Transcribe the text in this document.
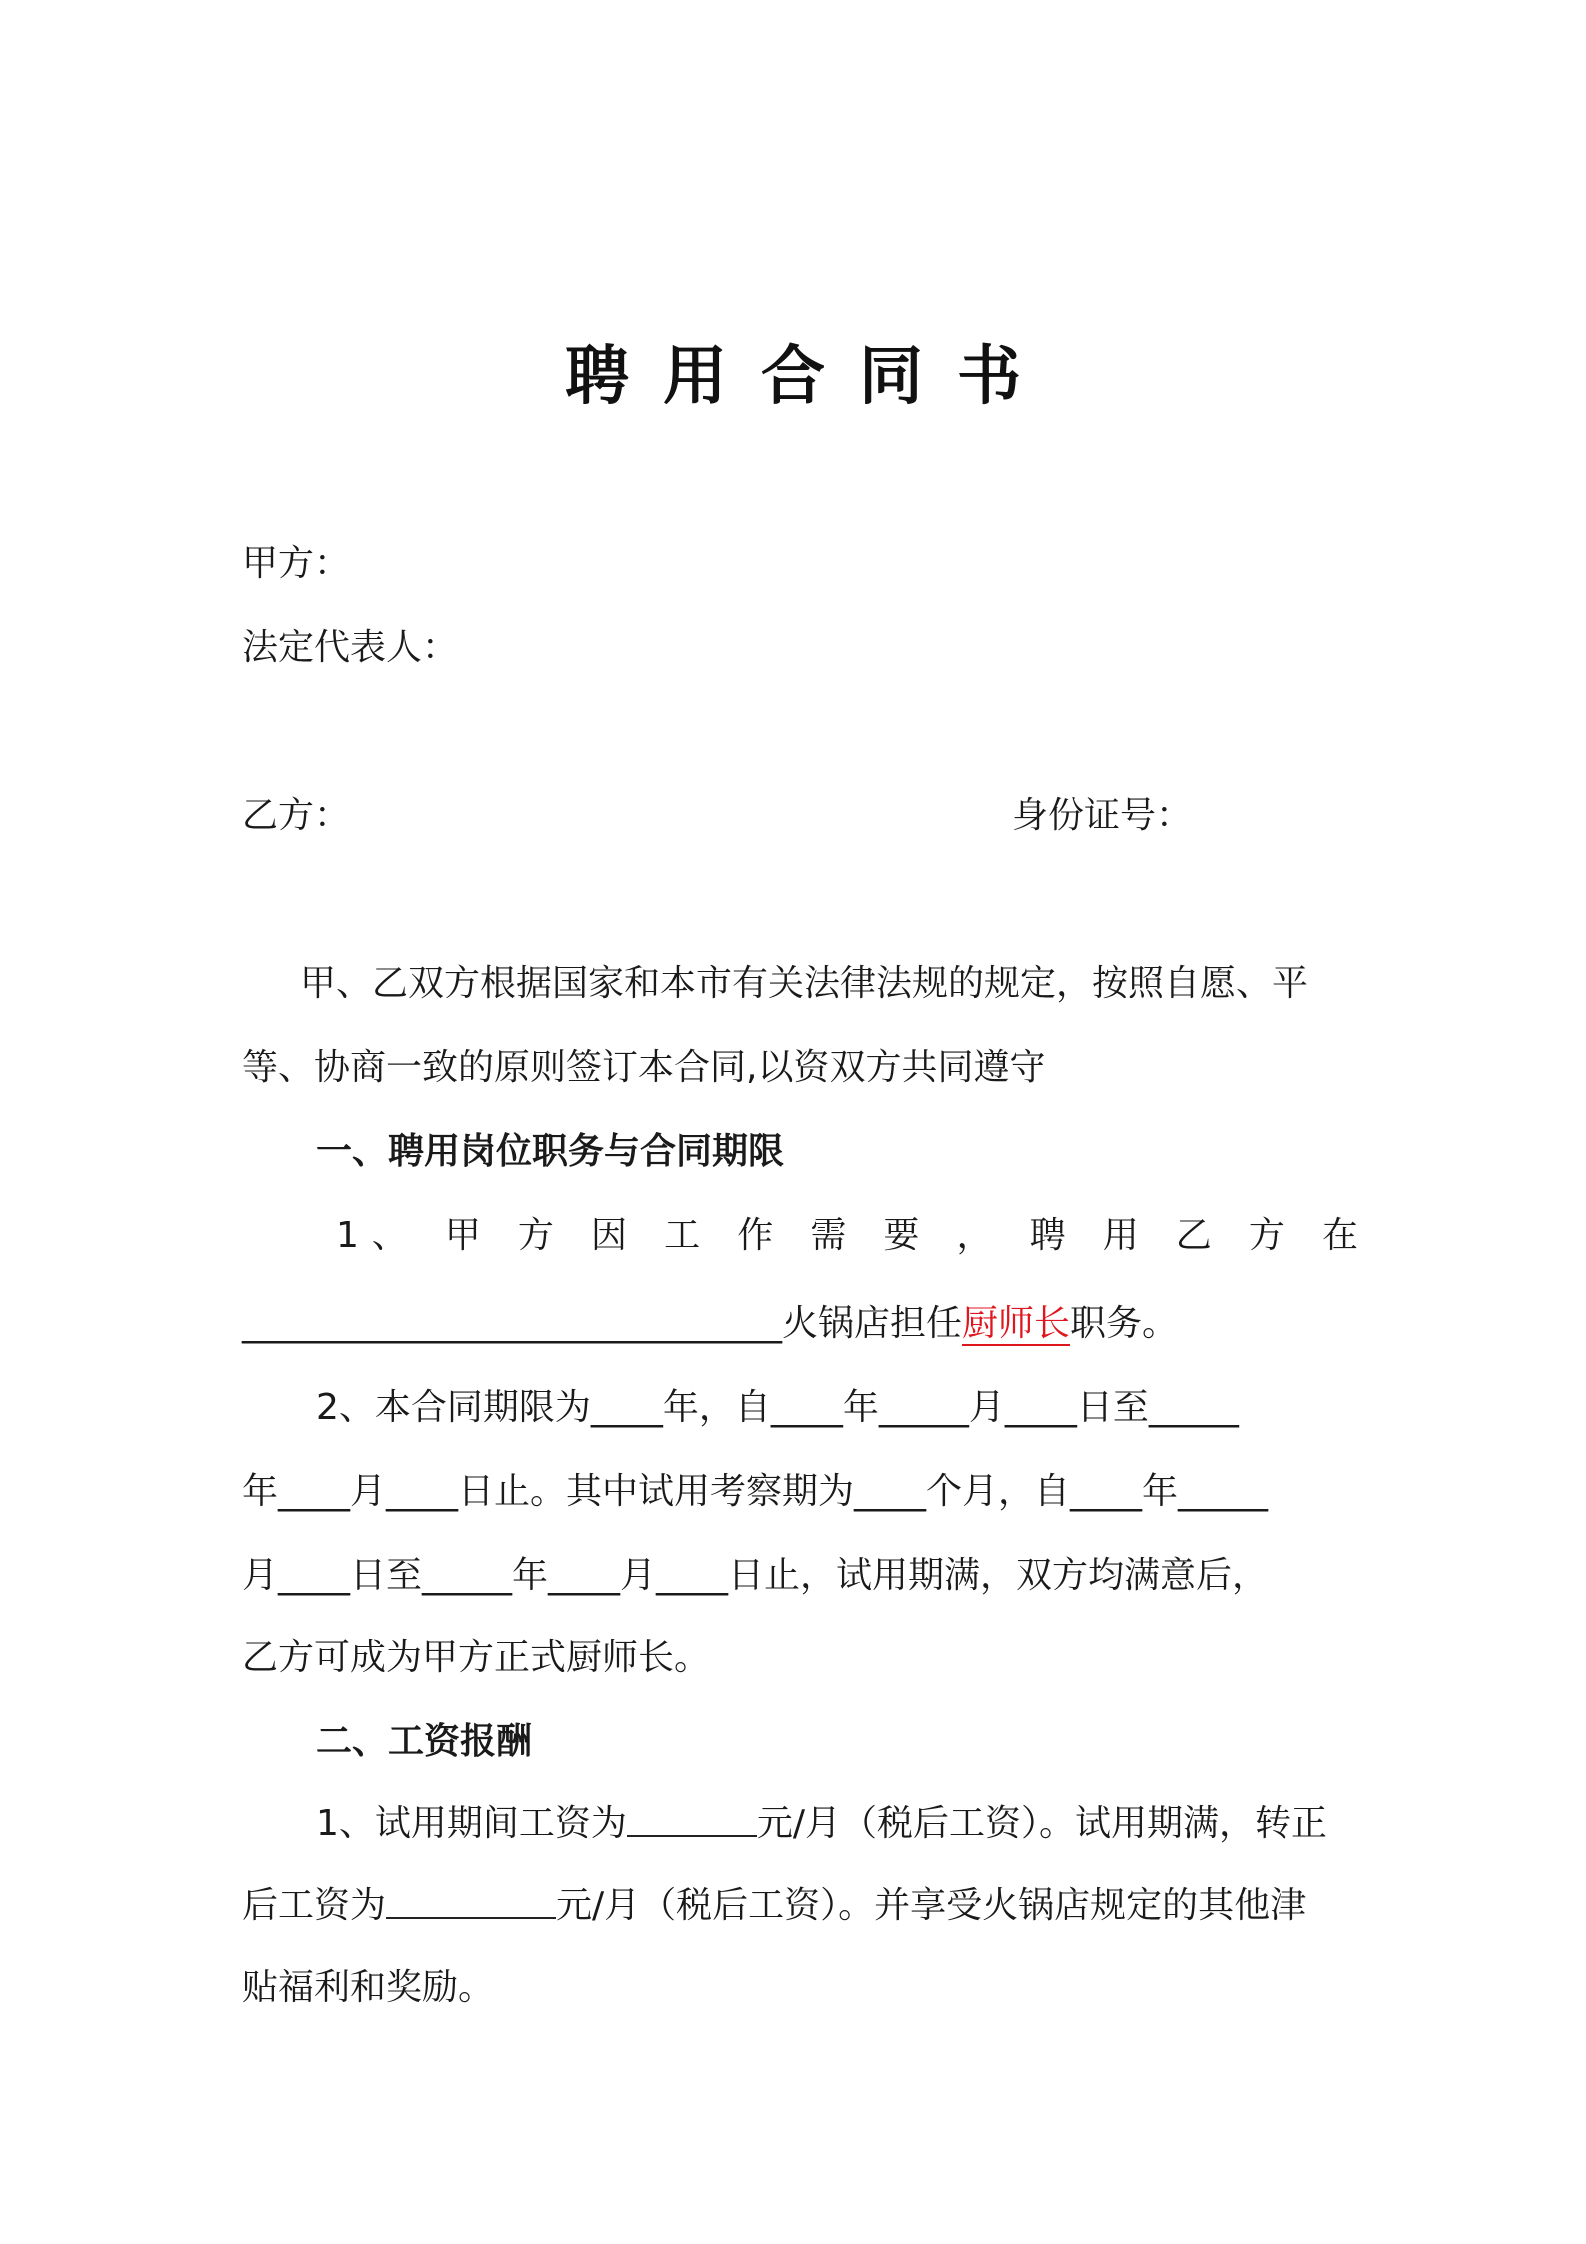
聘用合同书
甲方：
法定代表人：
乙方：	身份证号：
甲、乙双方根据国家和本市有关法律法规的规定，按照自愿、平
等、协商一致的原则签订本合同,以资双方共同遵守
一、聘用岗位职务与合同期限
1、 甲 方 因 工 作 需 要 ， 聘 用 乙 方 在
______________________________火锅店担任厨师长职务。
2、本合同期限为____年，自____年_____月____日至_____
年____月____日止。其中试用考察期为____个月，自____年_____
月____日至_____年____月____日止，试用期满，双方均满意后，
乙方可成为甲方正式厨师长。
二、工资报酬
1、试用期间工资为	元/月（税后工资）。试用期满，转正
后工资为	元/月（税后工资）。并享受火锅店规定的其他津
贴福利和奖励。
